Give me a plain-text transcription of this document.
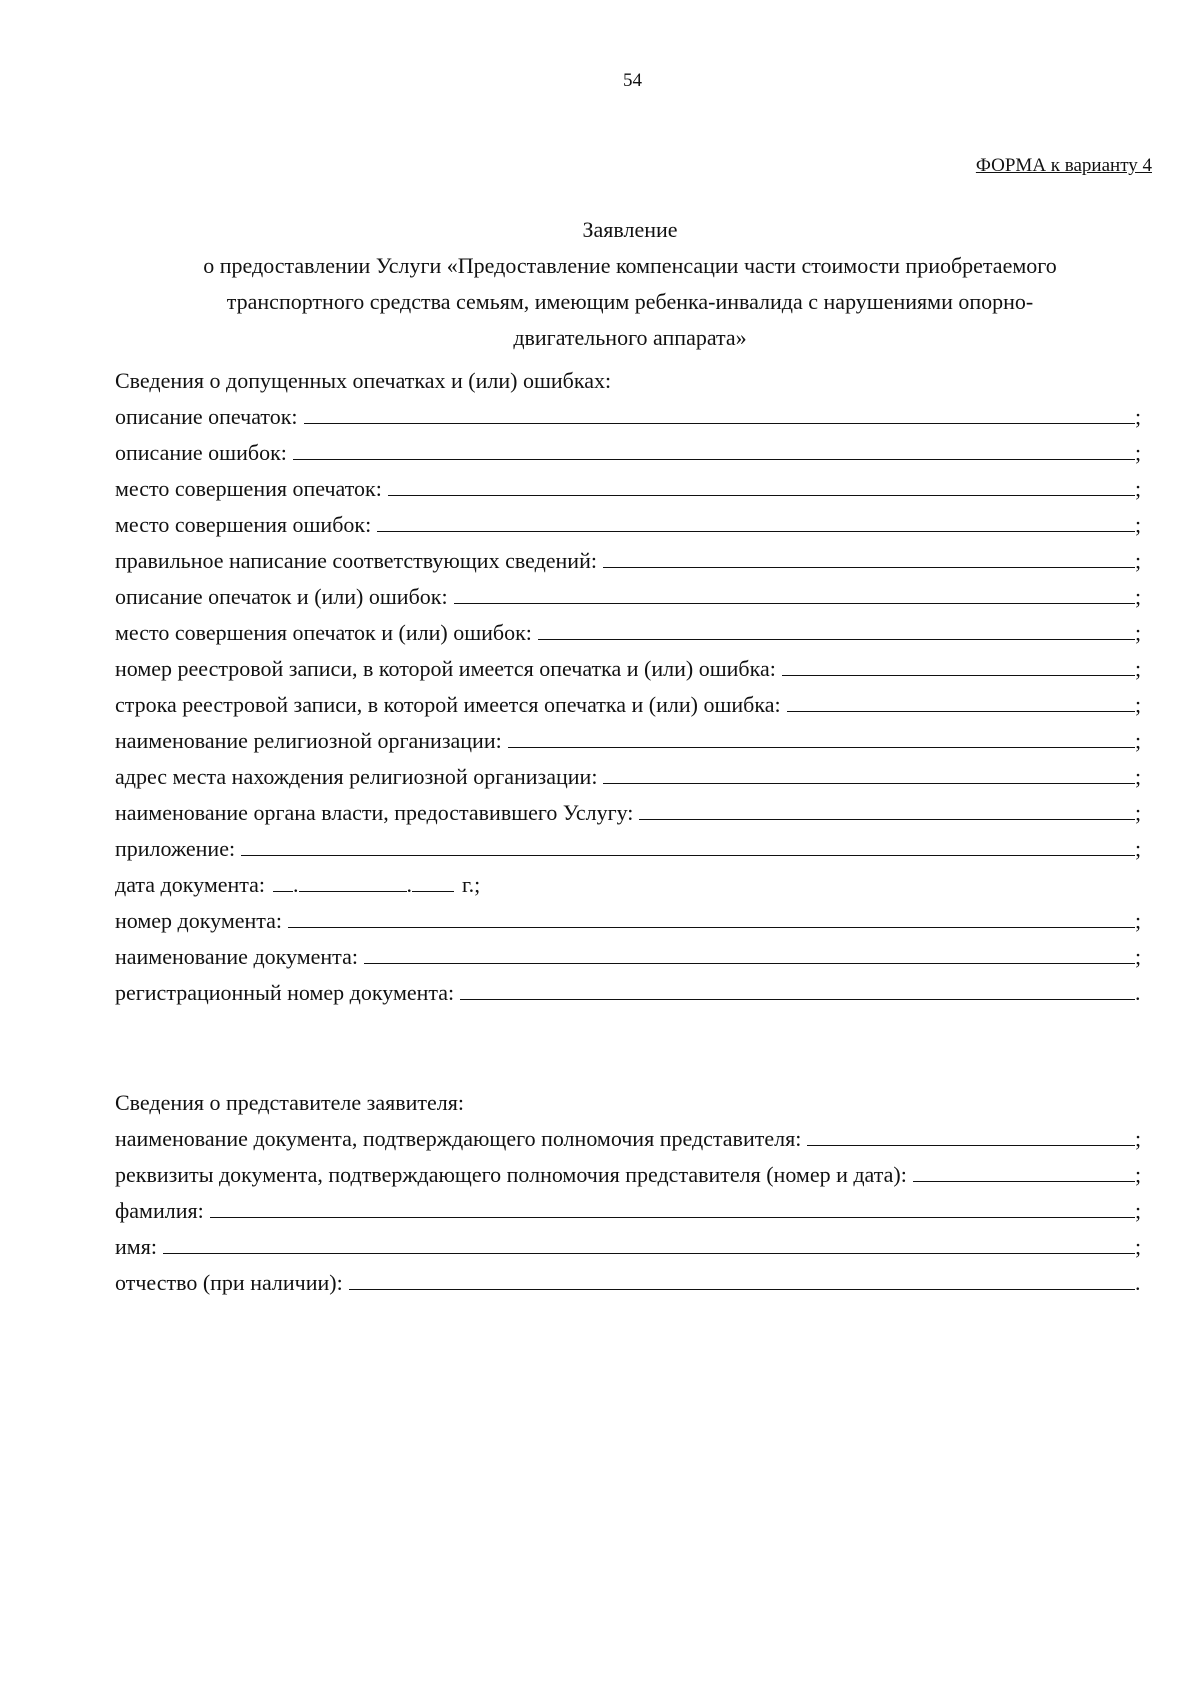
54
ФОРМА к варианту 4
Заявление
о предоставлении Услуги «Предоставление компенсации части стоимости приобретаемого
транспортного средства семьям, имеющим ребенка-инвалида с нарушениями опорно-
двигательного аппарата»
Сведения о допущенных опечатках и (или) ошибках:
описание опечаток:	;
описание ошибок:	;
место совершения опечаток:	;
место совершения ошибок:	;
правильное написание соответствующих сведений:	;
описание опечаток и (или) ошибок:	;
место совершения опечаток и (или) ошибок:	;
номер реестровой записи, в которой имеется опечатка и (или) ошибка:	;
строка реестровой записи, в которой имеется опечатка и (или) ошибка:	;
наименование религиозной организации:	;
адрес места нахождения религиозной организации:	;
наименование органа власти, предоставившего Услугу:	;
приложение:	;
дата документа: .	. г.;
номер документа:	;
наименование документа:	;
регистрационный номер документа:	.
Сведения о представителе заявителя:
наименование документа, подтверждающего полномочия представителя:	;
реквизиты документа, подтверждающего полномочия представителя (номер и дата):	;
фамилия:	;
имя:	;
отчество (при наличии):	.
